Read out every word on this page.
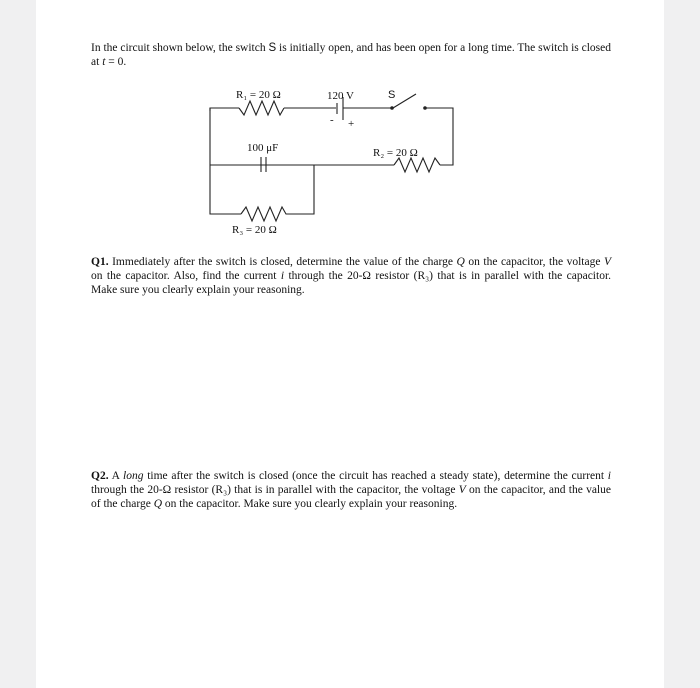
In the circuit shown below, the switch S is initially open, and has been open for a long time. The switch is closed at t = 0.

R₁ = 20 Ω	120 V
- +
S
100 μF	R₂ = 20 Ω
R₃ = 20 Ω

Q1. Immediately after the switch is closed, determine the value of the charge Q on the capacitor, the voltage V on the capacitor. Also, find the current i through the 20-Ω resistor (R₃) that is in parallel with the capacitor. Make sure you clearly explain your reasoning.

Q2. A long time after the switch is closed (once the circuit has reached a steady state), determine the current i through the 20-Ω resistor (R₃) that is in parallel with the capacitor, the voltage V on the capacitor, and the value of the charge Q on the capacitor. Make sure you clearly explain your reasoning.
